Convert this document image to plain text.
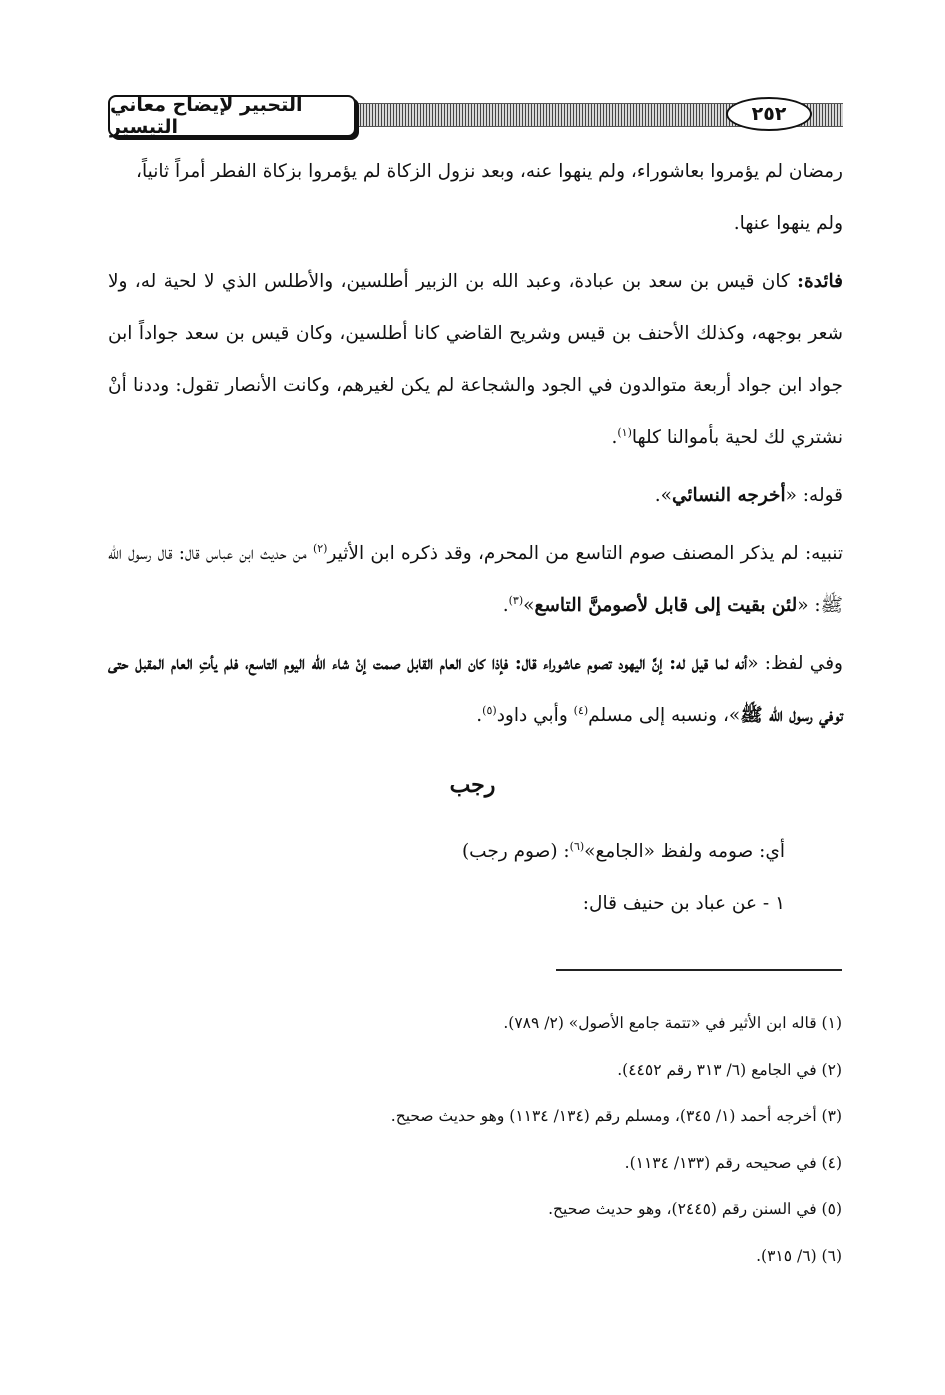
التحبير لإيضاح معاني التيسير
٢٥٢

رمضان لم يؤمروا بعاشوراء، ولم ينهوا عنه، وبعد نزول الزكاة لم يؤمروا بزكاة الفطر أمراً ثانياً،
ولم ينهوا عنها.

فائدة: كان قيس بن سعد بن عبادة، وعبد الله بن الزبير أطلسين، والأطلس الذي لا لحية له، ولا شعر بوجهه، وكذلك الأحنف بن قيس وشريح القاضي كانا أطلسين، وكان قيس بن سعد جواداً ابن جواد ابن جواد أربعة متوالدون في الجود والشجاعة لم يكن لغيرهم، وكانت الأنصار تقول: وددنا أنْ نشتري لك لحية بأموالنا كلها$^{(١)}$.

قوله: «أخرجه النسائي».

تنبيه: لم يذكر المصنف صوم التاسع من المحرم، وقد ذكره ابن الأثير$^{(٢)}$ من حديث ابن عباس قال: قال رسول الله ﷺ: «لئن بقيت إلى قابل لأصومنَّ التاسع»$^{(٣)}$.

وفي لفظ: «أنه لما قيل له: إنَّ اليهود تصوم عاشوراء قال: فإذا كان العام القابل صمت إنْ شاء الله اليوم التاسع، فلم يأتِ العام المقبل حتى توفي رسول الله ﷺ»، ونسبه إلى مسلم$^{(٤)}$ وأبي داود$^{(٥)}$.

رجب

أي: صومه ولفظ «الجامع»$^{(٦)}$: (صوم رجب)

١ - عن عباد بن حنيف قال:

(١) قاله ابن الأثير في «تتمة جامع الأصول» (٢/ ٧٨٩).

(٢) في الجامع (٦/ ٣١٣ رقم ٤٤٥٢).

(٣) أخرجه أحمد (١/ ٣٤٥)، ومسلم رقم (١٣٤/ ١١٣٤) وهو حديث صحيح.

(٤) في صحيحه رقم (١٣٣/ ١١٣٤).

(٥) في السنن رقم (٢٤٤٥)، وهو حديث صحيح.

(٦) (٦/ ٣١٥).
